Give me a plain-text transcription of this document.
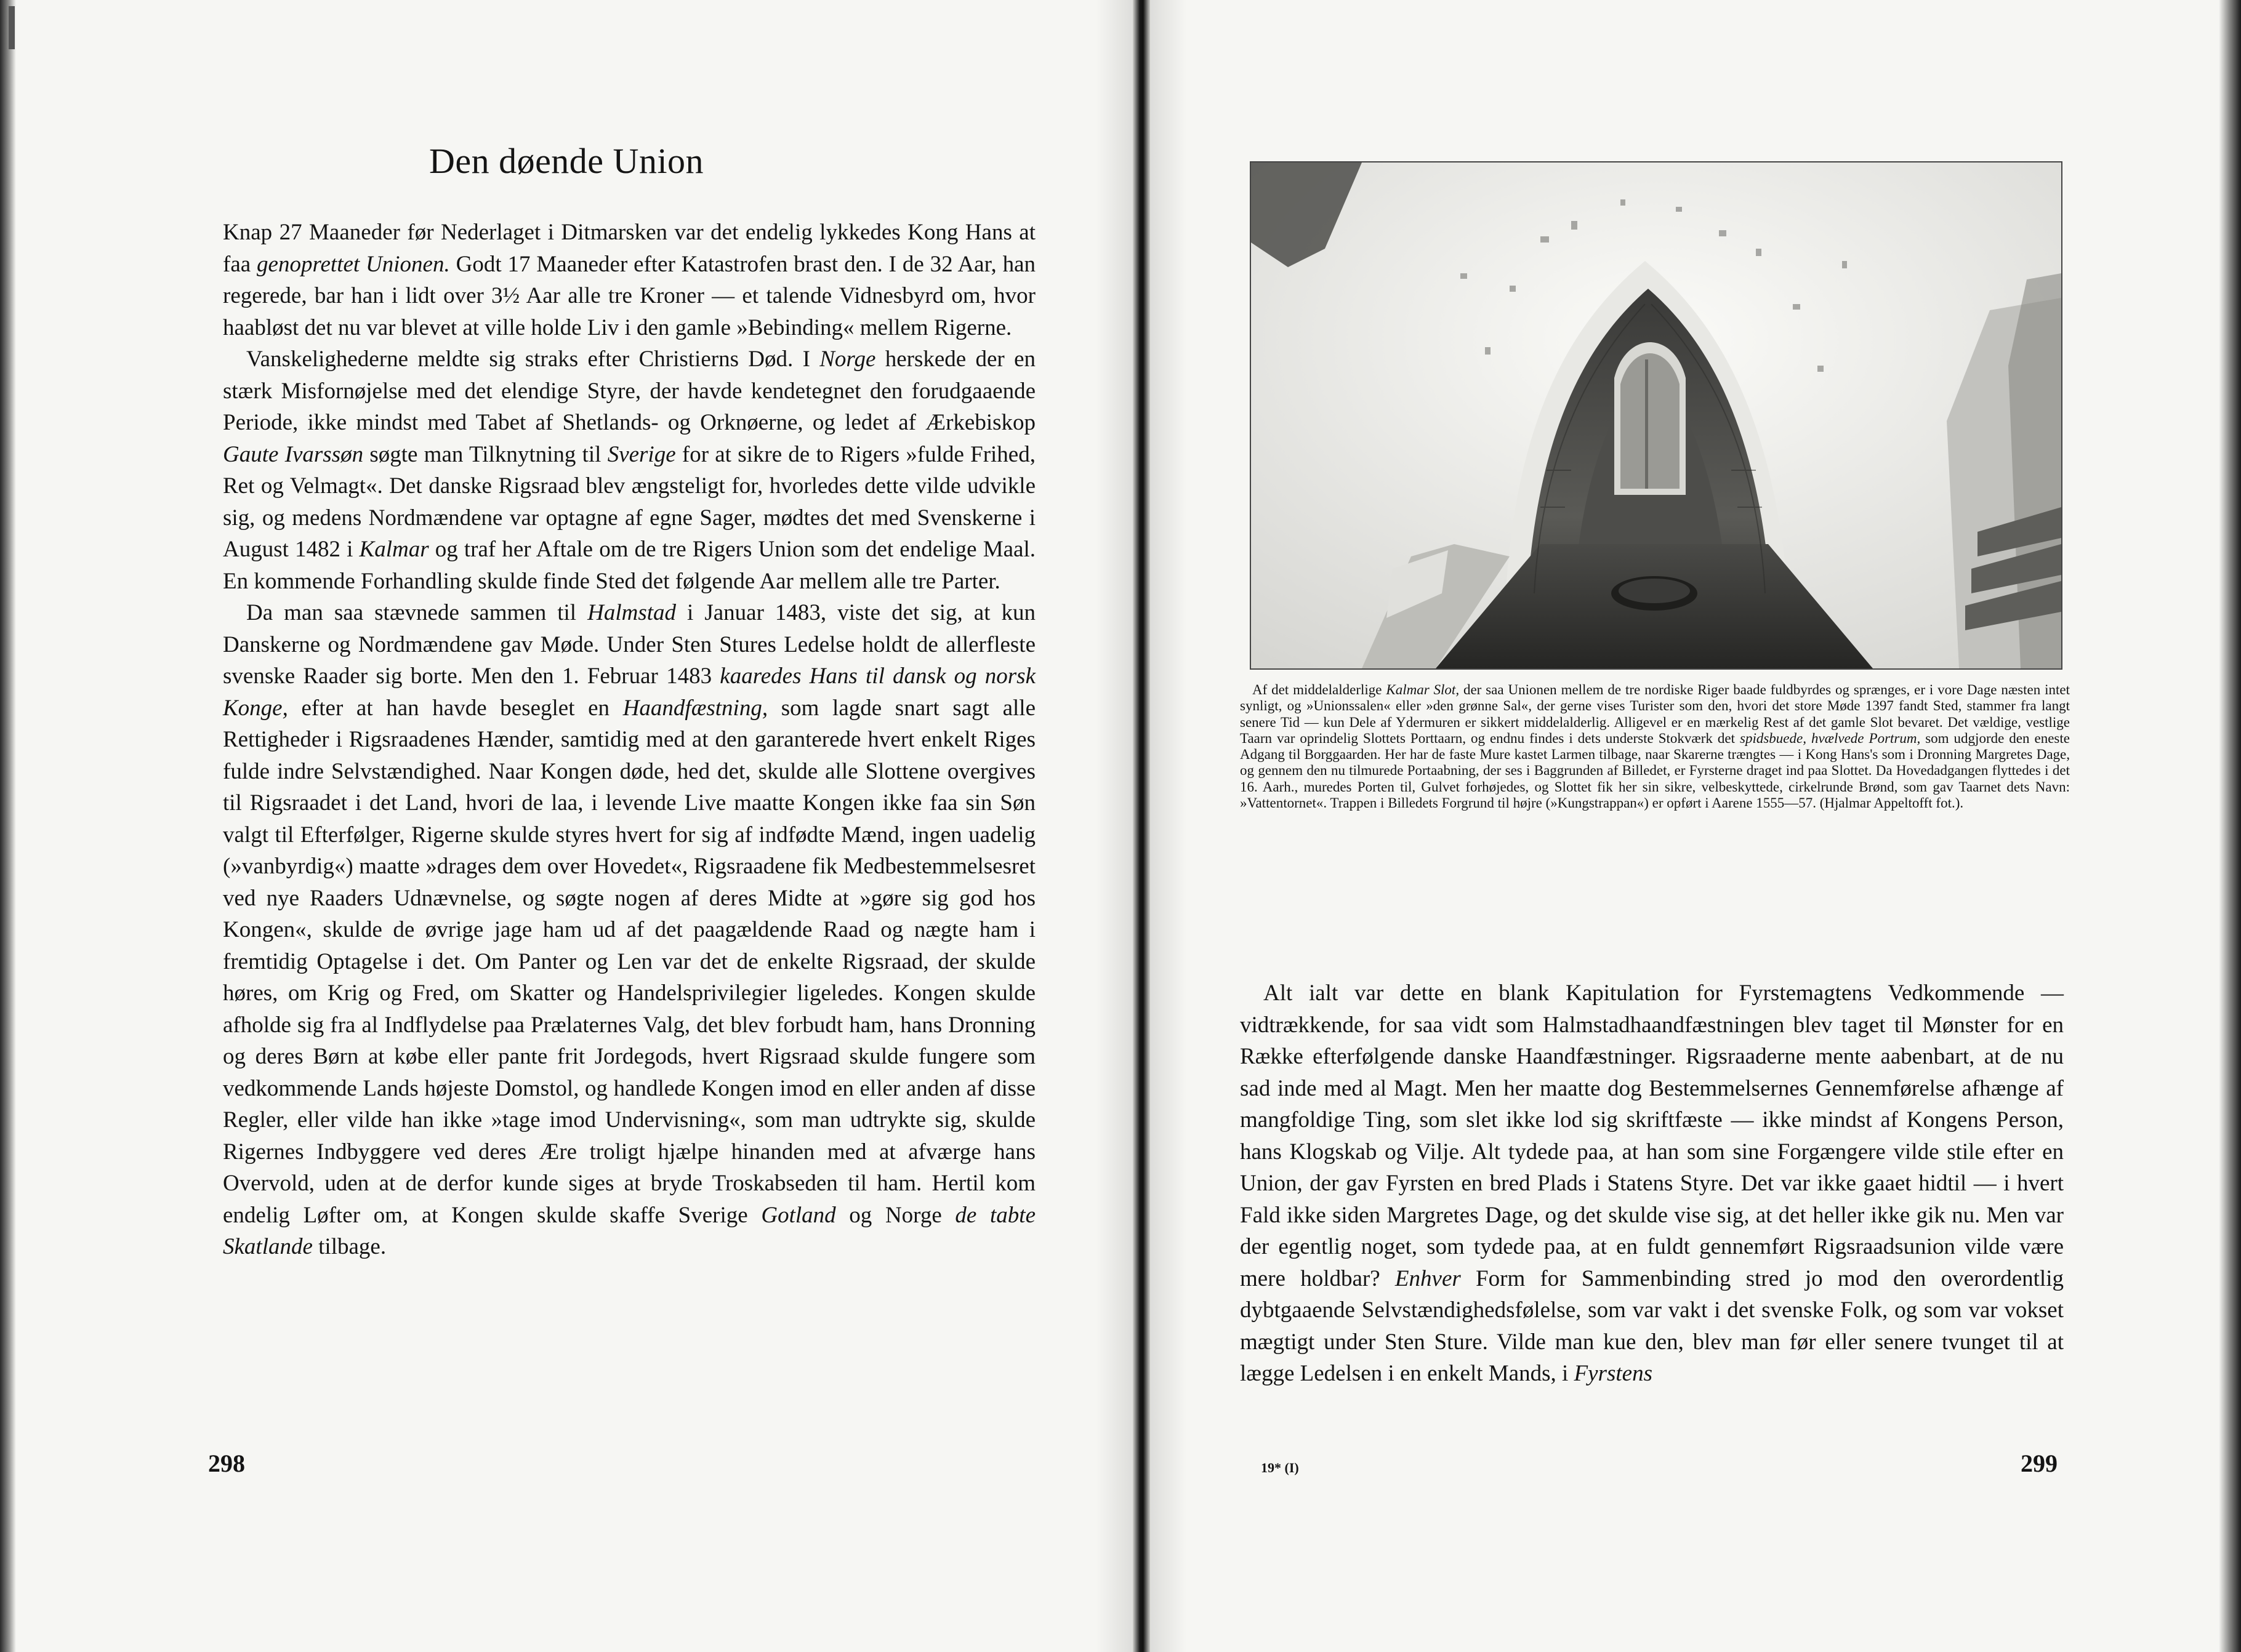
Den døende Union

Knap 27 Maaneder før Nederlaget i Ditmarsken var det endelig lykkedes Kong Hans at faa genoprettet Unionen. Godt 17 Maaneder efter Katastrofen brast den. I de 32 Aar, han regerede, bar han i lidt over 3½ Aar alle tre Kroner — et talende Vidnesbyrd om, hvor haabløst det nu var blevet at ville holde Liv i den gamle »Bebinding« mellem Rigerne.

Vanskelighederne meldte sig straks efter Christierns Død. I Norge herskede der en stærk Misfornøjelse med det elendige Styre, der havde kendetegnet den forudgaaende Periode, ikke mindst med Tabet af Shetlands- og Orknøerne, og ledet af Ærkebiskop Gaute Ivarssøn søgte man Tilknytning til Sverige for at sikre de to Rigers »fulde Frihed, Ret og Velmagt«. Det danske Rigsraad blev ængsteligt for, hvorledes dette vilde udvikle sig, og medens Nordmændene var optagne af egne Sager, mødtes det med Svenskerne i August 1482 i Kalmar og traf her Aftale om de tre Rigers Union som det endelige Maal. En kommende Forhandling skulde finde Sted det følgende Aar mellem alle tre Parter.

Da man saa stævnede sammen til Halmstad i Januar 1483, viste det sig, at kun Danskerne og Nordmændene gav Møde. Under Sten Stures Ledelse holdt de allerfleste svenske Raader sig borte. Men den 1. Februar 1483 kaaredes Hans til dansk og norsk Konge, efter at han havde beseglet en Haandfæstning, som lagde snart sagt alle Rettigheder i Rigsraadenes Hænder, samtidig med at den garanterede hvert enkelt Riges fulde indre Selvstændighed. Naar Kongen døde, hed det, skulde alle Slottene overgives til Rigsraadet i det Land, hvori de laa, i levende Live maatte Kongen ikke faa sin Søn valgt til Efterfølger, Rigerne skulde styres hvert for sig af indfødte Mænd, ingen uadelig (»vanbyrdig«) maatte »drages dem over Hovedet«, Rigsraadene fik Medbestemmelsesret ved nye Raaders Udnævnelse, og søgte nogen af deres Midte at »gøre sig god hos Kongen«, skulde de øvrige jage ham ud af det paagældende Raad og nægte ham i fremtidig Optagelse i det. Om Panter og Len var det de enkelte Rigsraad, der skulde høres, om Krig og Fred, om Skatter og Handelsprivilegier ligeledes. Kongen skulde afholde sig fra al Indflydelse paa Prælaternes Valg, det blev forbudt ham, hans Dronning og deres Børn at købe eller pante frit Jordegods, hvert Rigsraad skulde fungere som vedkommende Lands højeste Domstol, og handlede Kongen imod en eller anden af disse Regler, eller vilde han ikke »tage imod Undervisning«, som man udtrykte sig, skulde Rigernes Indbyggere ved deres Ære troligt hjælpe hinanden med at afværge hans Overvold, uden at de derfor kunde siges at bryde Troskabseden til ham. Hertil kom endelig Løfter om, at Kongen skulde skaffe Sverige Gotland og Norge de tabte Skatlande tilbage.

298
Af det middelalderlige Kalmar Slot, der saa Unionen mellem de tre nordiske Riger baade fuldbyrdes og sprænges, er i vore Dage næsten intet synligt, og »Unionssalen« eller »den grønne Sal«, der gerne vises Turister som den, hvori det store Møde 1397 fandt Sted, stammer fra langt senere Tid — kun Dele af Ydermuren er sikkert middelalderlig. Alligevel er en mærkelig Rest af det gamle Slot bevaret. Det vældige, vestlige Taarn var oprindelig Slottets Porttaarn, og endnu findes i dets underste Stokværk det spidsbuede, hvælvede Portrum, som udgjorde den eneste Adgang til Borggaarden. Her har de faste Mure kastet Larmen tilbage, naar Skarerne trængtes — i Kong Hans's som i Dronning Margretes Dage, og gennem den nu tilmurede Portaabning, der ses i Baggrunden af Billedet, er Fyrsterne draget ind paa Slottet. Da Hovedadgangen flyttedes i det 16. Aarh., muredes Porten til, Gulvet forhøjedes, og Slottet fik her sin sikre, velbeskyttede, cirkelrunde Brønd, som gav Taarnet dets Navn: »Vattentornet«. Trappen i Billedets Forgrund til højre (»Kungstrappan«) er opført i Aarene 1555—57. (Hjalmar Appeltofft fot.).

Alt ialt var dette en blank Kapitulation for Fyrstemagtens Vedkommende — vidtrækkende, for saa vidt som Halmstadhaandfæstningen blev taget til Mønster for en Række efterfølgende danske Haandfæstninger. Rigsraaderne mente aabenbart, at de nu sad inde med al Magt. Men her maatte dog Bestemmelsernes Gennemførelse afhænge af mangfoldige Ting, som slet ikke lod sig skriftfæste — ikke mindst af Kongens Person, hans Klogskab og Vilje. Alt tydede paa, at han som sine Forgængere vilde stile efter en Union, der gav Fyrsten en bred Plads i Statens Styre. Det var ikke gaaet hidtil — i hvert Fald ikke siden Margretes Dage, og det skulde vise sig, at det heller ikke gik nu. Men var der egentlig noget, som tydede paa, at en fuldt gennemført Rigsraadsunion vilde være mere holdbar? Enhver Form for Sammenbinding stred jo mod den overordentlig dybtgaaende Selvstændighedsfølelse, som var vakt i det svenske Folk, og som var vokset mægtigt under Sten Sture. Vilde man kue den, blev man før eller senere tvunget til at lægge Ledelsen i en enkelt Mands, i Fyrstens

19* (I)	299
